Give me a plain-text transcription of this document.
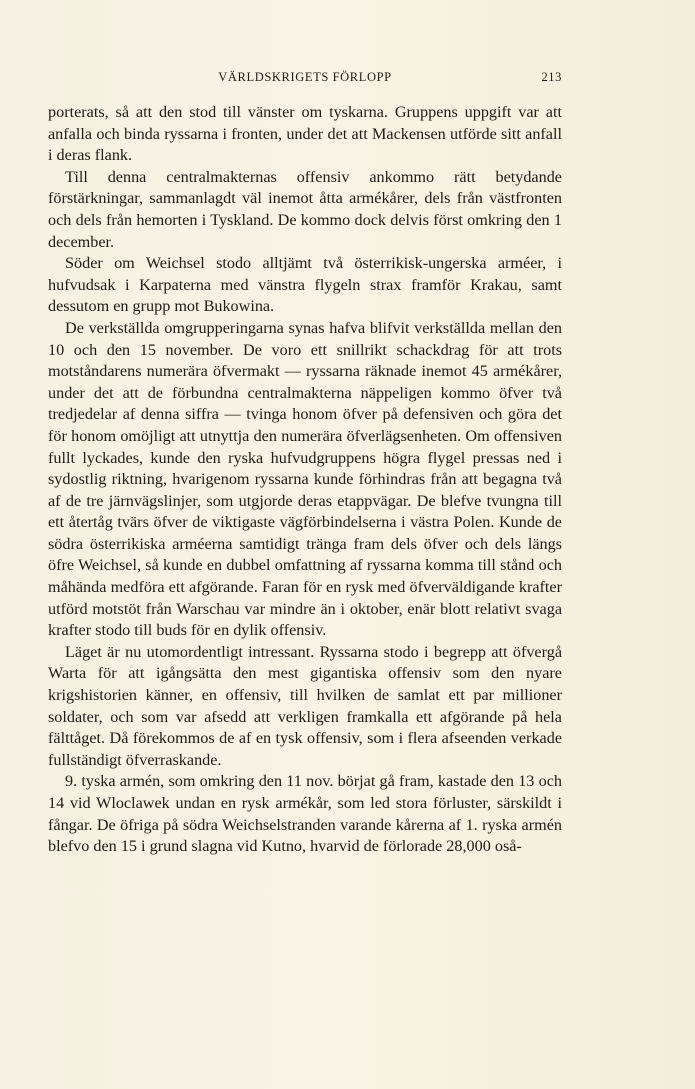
VÄRLDSKRIGETS FÖRLOPP	213

porterats, så att den stod till vänster om tyskarna. Gruppens uppgift var att anfalla och binda ryssarna i fronten, under det att Mackensen utförde sitt anfall i deras flank.

Till denna centralmakternas offensiv ankommo rätt betydande förstärkningar, sammanlagdt väl inemot åtta armékårer, dels från västfronten och dels från hemorten i Tyskland. De kommo dock delvis först omkring den 1 december.

Söder om Weichsel stodo alltjämt två österrikisk-ungerska arméer, i hufvudsak i Karpaterna med vänstra flygeln strax framför Krakau, samt dessutom en grupp mot Bukowina.

De verkställda omgrupperingarna synas hafva blifvit verkställda mellan den 10 och den 15 november. De voro ett snillrikt schackdrag för att trots motståndarens numerära öfvermakt — ryssarna räknade inemot 45 armékårer, under det att de förbundna centralmakterna näppeligen kommo öfver två tredjedelar af denna siffra — tvinga honom öfver på defensiven och göra det för honom omöjligt att utnyttja den numerära öfverlägsenheten. Om offensiven fullt lyckades, kunde den ryska hufvudgruppens högra flygel pressas ned i sydostlig riktning, hvarigenom ryssarna kunde förhindras från att begagna två af de tre järnvägslinjer, som utgjorde deras etappvägar. De blefve tvungna till ett återtåg tvärs öfver de viktigaste vägförbindelserna i västra Polen. Kunde de södra österrikiska arméerna samtidigt tränga fram dels öfver och dels längs öfre Weichsel, så kunde en dubbel omfattning af ryssarna komma till stånd och måhända medföra ett afgörande. Faran för en rysk med öfverväldigande krafter utförd motstöt från Warschau var mindre än i oktober, enär blott relativt svaga krafter stodo till buds för en dylik offensiv.

Läget är nu utomordentligt intressant. Ryssarna stodo i begrepp att öfvergå Warta för att igångsätta den mest gigantiska offensiv som den nyare krigshistorien känner, en offensiv, till hvilken de samlat ett par millioner soldater, och som var afsedd att verkligen framkalla ett afgörande på hela fälttåget. Då förekommos de af en tysk offensiv, som i flera afseenden verkade fullständigt öfverraskande.

9. tyska armén, som omkring den 11 nov. börjat gå fram, kastade den 13 och 14 vid Wloclawek undan en rysk armékår, som led stora förluster, särskildt i fångar. De öfriga på södra Weichselstranden varande kårerna af 1. ryska armén blefvo den 15 i grund slagna vid Kutno, hvarvid de förlorade 28,000 oså-
